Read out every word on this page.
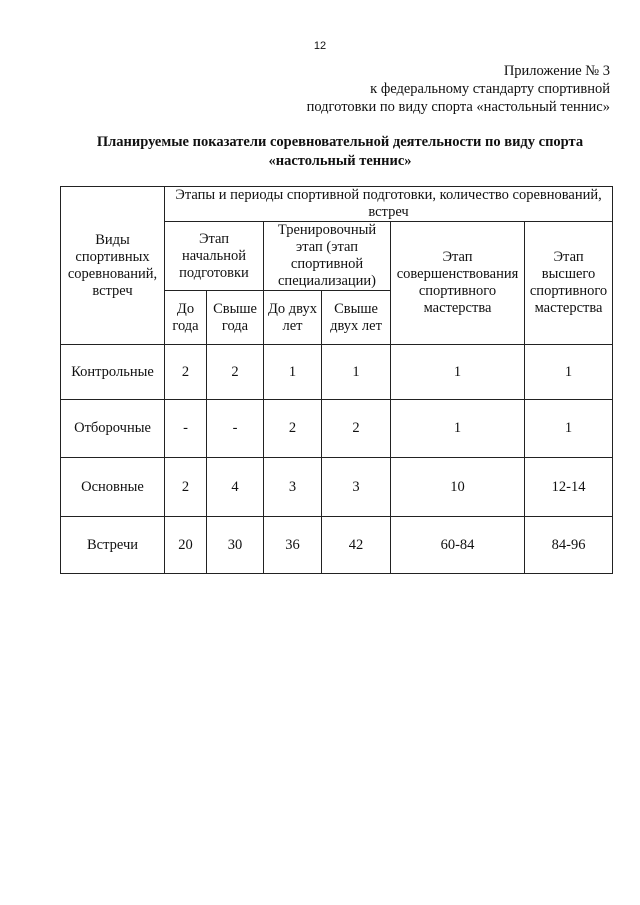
12
Приложение № 3
к федеральному стандарту спортивной
подготовки по виду спорта «настольный теннис»
Планируемые показатели соревновательной деятельности по виду спорта
«настольный теннис»
Виды спортивных соревнований, встреч	Этапы и периоды спортивной подготовки, количество соревнований, встреч					
	Этап начальной подготовки		Тренировочный этап (этап спортивной специализации)		Этап совершенствования спортивного мастерства	Этап высшего спортивного мастерства
	До года	Свыше года	До двух лет	Свыше двух лет		
Контрольные	2	2	1	1	1	1
Отборочные	-	-	2	2	1	1
Основные	2	4	3	3	10	12-14
Встречи	20	30	36	42	60-84	84-96
